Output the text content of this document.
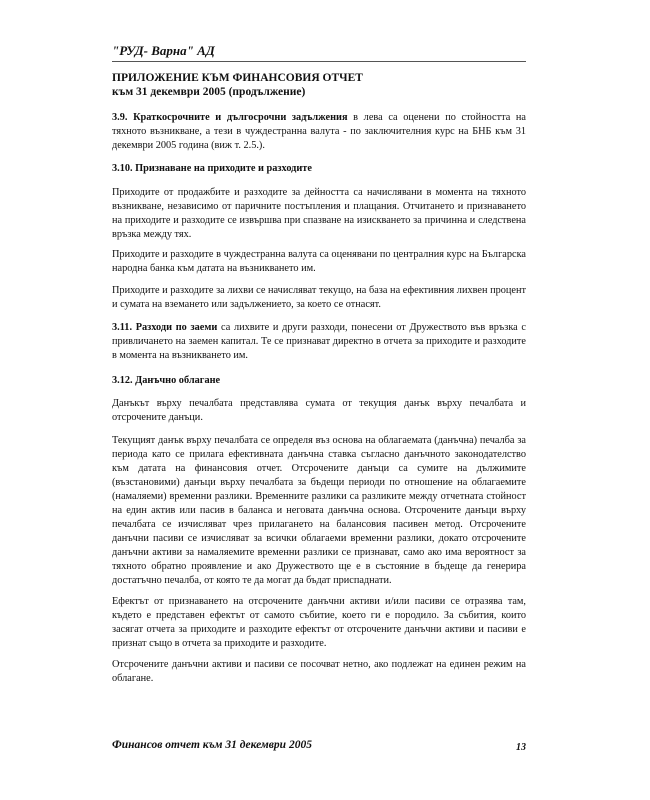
"РУД- Варна" АД
ПРИЛОЖЕНИЕ КЪМ ФИНАНСОВИЯ ОТЧЕТ
към 31 декември 2005 (продължение)

3.9. Краткосрочните и дългосрочни задължения в лева са оценени по стойността на тяхното възникване, а тези в чуждестранна валута - по заключителния курс на БНБ към 31 декември 2005 година (виж т. 2.5.).

3.10. Признаване на приходите и разходите

Приходите от продажбите и разходите за дейността са начислявани в момента на тяхното възникване, независимо от паричните постъпления и плащания. Отчитането и признаването на приходите и разходите се извършва при спазване на изискването за причинна и следствена връзка между тях.

Приходите и разходите в чуждестранна валута са оценявани по централния курс на Българска народна банка към датата на възникването им.

Приходите и разходите за лихви се начисляват текущо, на база на ефективния лихвен процент и сумата на вземането или задължението, за което се отнасят.

3.11. Разходи по заеми са лихвите и други разходи, понесени от Дружеството във връзка с привличането на заемен капитал. Те се признават директно в отчета за приходите и разходите в момента на възникването им.

3.12. Данъчно облагане

Данъкът върху печалбата представлява сумата от текущия данък върху печалбата и отсрочените данъци.

Текущият данък върху печалбата се определя въз основа на облагаемата (данъчна) печалба за периода като се прилага ефективната данъчна ставка съгласно данъчното законодателство към датата на финансовия отчет. Отсрочените данъци са сумите на дължимите (възстановими) данъци върху печалбата за бъдещи периоди по отношение на облагаемите (намаляеми) временни разлики. Временните разлики са разликите между отчетната стойност на един актив или пасив в баланса и неговата данъчна основа. Отсрочените данъци върху печалбата се изчисляват чрез прилагането на балансовия пасивен метод. Отсрочените данъчни пасиви се изчисляват за всички облагаеми временни разлики, докато отсрочените данъчни активи за намаляемите временни разлики се признават, само ако има вероятност за тяхното обратно проявление и ако Дружеството ще е в състояние в бъдеще да генерира достатъчно печалба, от която те да могат да бъдат приспаднати.

Ефектът от признаването на отсрочените данъчни активи и/или пасиви се отразява там, където е представен ефектът от самото събитие, което ги е породило. За събития, които засягат отчета за приходите и разходите ефектът от отсрочените данъчни активи и пасиви е признат също в отчета за приходите и разходите.

Отсрочените данъчни активи и пасиви се посочват нетно, ако подлежат на единен режим на облагане.

Финансов отчет към 31 декември 2005	13
